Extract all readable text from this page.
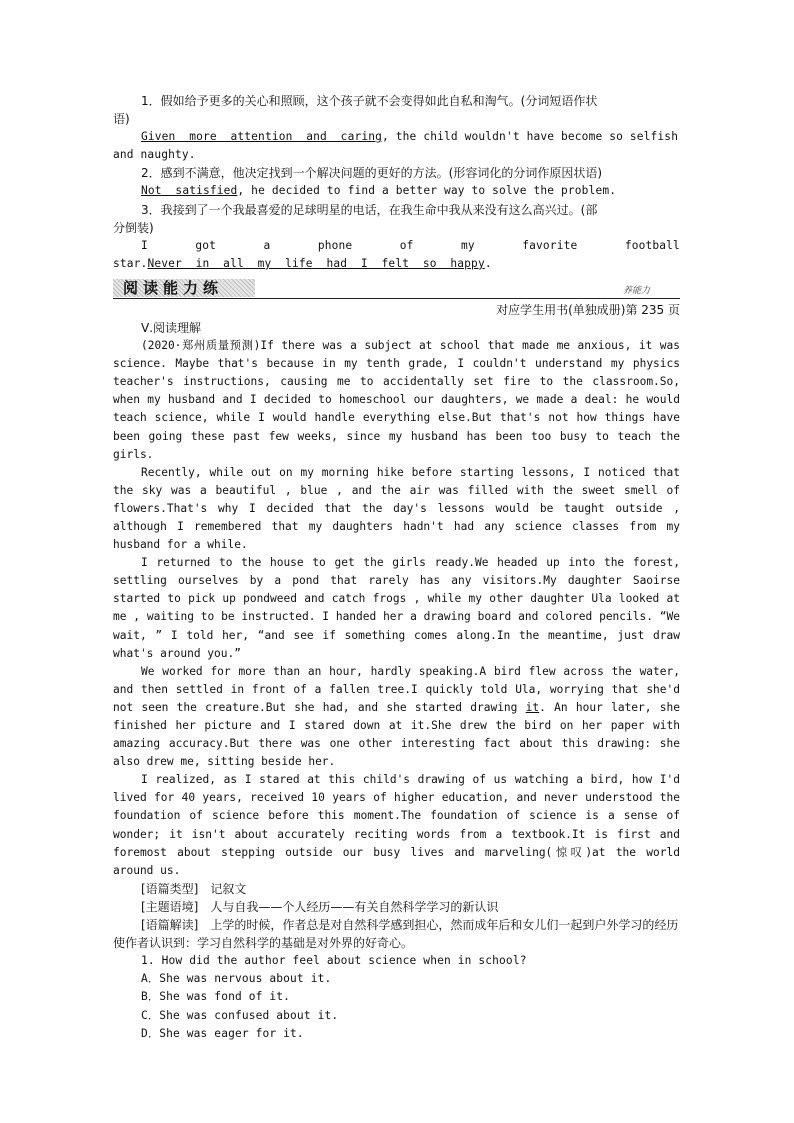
1．假如给予更多的关心和照顾，这个孩子就不会变得如此自私和淘气。(分词短语作状
语)
Given  more  attention  and  caring, the child wouldn't have become so selfish
and naughty.
2．感到不满意，他决定找到一个解决问题的更好的方法。(形容词化的分词作原因状语)
Not  satisfied, he decided to find a better way to solve the problem.
3．我接到了一个我最喜爱的足球明星的电话，在我生命中我从来没有这么高兴过。(部
分倒装)
I	got	a	phone	of	my	favorite	football
star.Never  in  all  my  life  had  I  felt  so  happy.
阅读能力练	养能力
对应学生用书(单独成册)第 235 页
Ⅴ.阅读理解
(2020·郑州质量预测)If there was a subject at school that made me anxious, it was science. Maybe that's because in my tenth grade, I couldn't understand my physics teacher's instructions, causing me to accidentally set fire to the classroom.So, when my husband and I decided to homeschool our daughters, we made a deal: he would teach science, while I would handle everything else.But that's not how things have been going these past few weeks, since my husband has been too busy to teach the girls.
Recently, while out on my morning hike before starting lessons, I noticed that the sky was a beautiful , blue , and the air was filled with the sweet smell of flowers.That's why I decided that the day's lessons would be taught outside , although I remembered that my daughters hadn't had any science classes from my husband for a while.
I returned to the house to get the girls ready.We headed up into the forest, settling ourselves by a pond that rarely has any visitors.My daughter Saoirse started to pick up pondweed and catch frogs , while my other daughter Ula looked at me , waiting to be instructed. I handed her a drawing board and colored pencils. “We wait, ” I told her, “and see if something comes along.In the meantime, just draw what's around you.”
We worked for more than an hour, hardly speaking.A bird flew across the water, and then settled in front of a fallen tree.I quickly told Ula, worrying that she'd not seen the creature.But she had, and she started drawing it. An hour later, she finished her picture and I stared down at it.She drew the bird on her paper with amazing accuracy.But there was one other interesting fact about this drawing: she also drew me, sitting beside her.
I realized, as I stared at this child's drawing of us watching a bird, how I'd lived for 40 years, received 10 years of higher education, and never understood the foundation of science before this moment.The foundation of science is a sense of wonder; it isn't about accurately reciting words from a textbook.It is first and foremost about stepping outside our busy lives and marveling(惊叹)at the world around us.
[语篇类型]　 记叙文
[主题语境]　 人与自我——个人经历——有关自然科学学习的新认识
[语篇解读]　 上学的时候，作者总是对自然科学感到担心，然而成年后和女儿们一起到户外学习的经历使作者认识到：学习自然科学的基础是对外界的好奇心。
1. How did the author feel about science when in school?
A．She was nervous about it.
B．She was fond of it.
C．She was confused about it.
D．She was eager for it.
